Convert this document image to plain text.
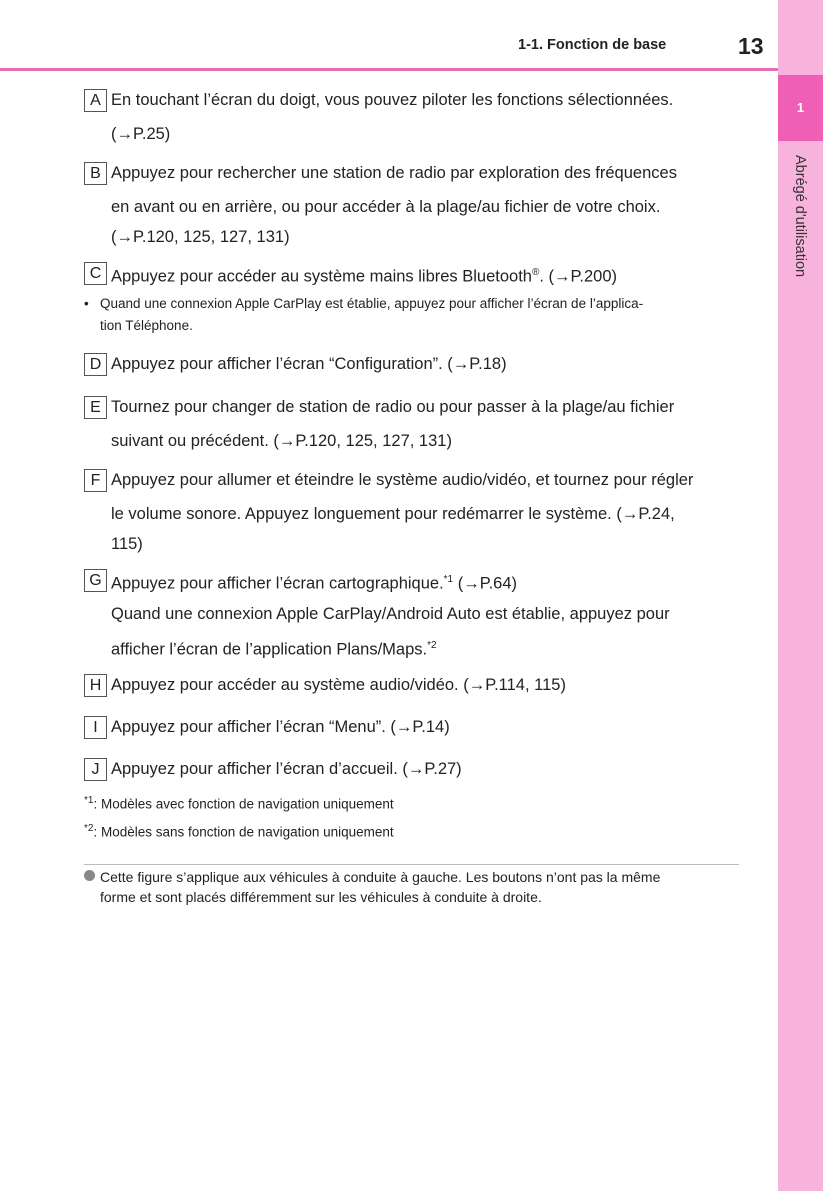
1
Abrégé d'utilisation
1-1. Fonction de base	13
A En touchant l’écran du doigt, vous pouvez piloter les fonctions sélectionnées.
(→P.25)
B Appuyez pour rechercher une station de radio par exploration des fréquences
en avant ou en arrière, ou pour accéder à la plage/au fichier de votre choix.
(→P.120, 125, 127, 131)
C Appuyez pour accéder au système mains libres Bluetooth®. (→P.200)
• Quand une connexion Apple CarPlay est établie, appuyez pour afficher l’écran de l’applica-
tion Téléphone.
D Appuyez pour afficher l’écran “Configuration”. (→P.18)
E Tournez pour changer de station de radio ou pour passer à la plage/au fichier
suivant ou précédent. (→P.120, 125, 127, 131)
F Appuyez pour allumer et éteindre le système audio/vidéo, et tournez pour régler
le volume sonore. Appuyez longuement pour redémarrer le système. (→P.24,
115)
G Appuyez pour afficher l’écran cartographique.$^{*1}$ (→P.64)
Quand une connexion Apple CarPlay/Android Auto est établie, appuyez pour
afficher l’écran de l’application Plans/Maps.$^{*2}$
H Appuyez pour accéder au système audio/vidéo. (→P.114, 115)
I Appuyez pour afficher l’écran “Menu”. (→P.14)
J Appuyez pour afficher l’écran d’accueil. (→P.27)
$^{*1}$: Modèles avec fonction de navigation uniquement
$^{*2}$: Modèles sans fonction de navigation uniquement
Cette figure s’applique aux véhicules à conduite à gauche. Les boutons n’ont pas la même
forme et sont placés différemment sur les véhicules à conduite à droite.
